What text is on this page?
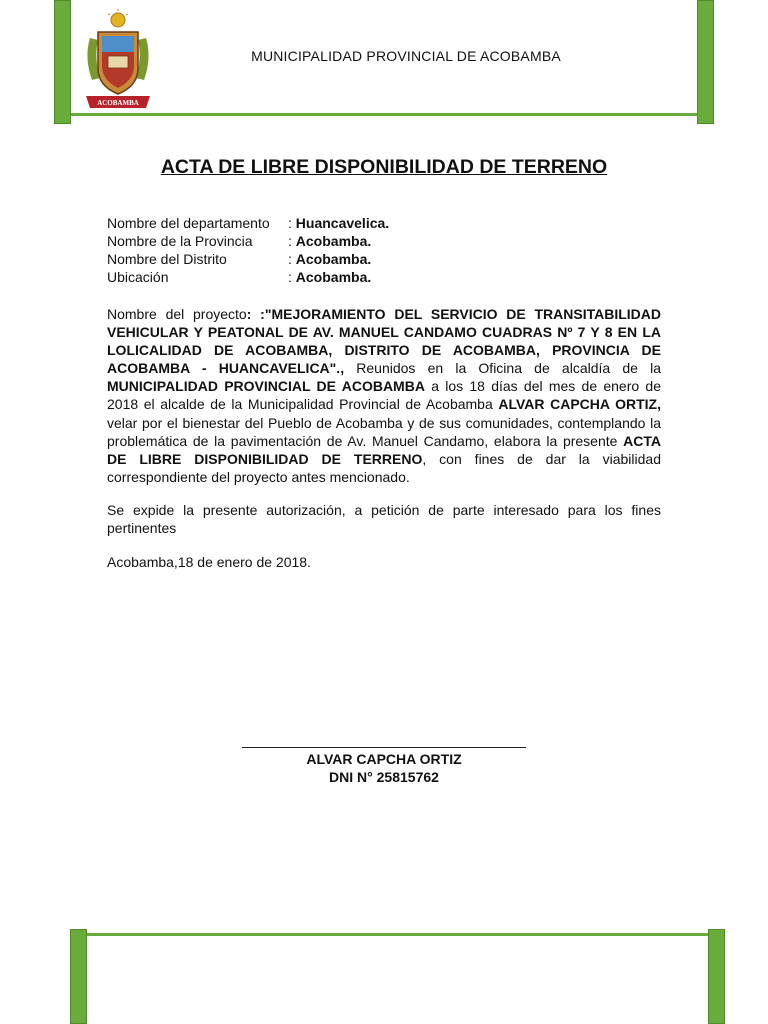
ACOBAMBA
MUNICIPALIDAD PROVINCIAL DE ACOBAMBA
ACTA DE LIBRE DISPONIBILIDAD DE TERRENO
Nombre del departamento : Huancavelica.
Nombre de la Provincia	: Acobamba.
Nombre del Distrito	: Acobamba.
Ubicación	: Acobamba.
Nombre del proyecto: :"MEJORAMIENTO DEL SERVICIO DE TRANSITABILIDAD VEHICULAR Y PEATONAL DE AV. MANUEL CANDAMO CUADRAS Nº 7 Y 8 EN LA LOLICALIDAD DE ACOBAMBA, DISTRITO DE ACOBAMBA, PROVINCIA DE ACOBAMBA - HUANCAVELICA"., Reunidos en la Oficina de alcaldía de la MUNICIPALIDAD PROVINCIAL DE ACOBAMBA a los 18 días del mes de enero de 2018 el alcalde de la Municipalidad Provincial de Acobamba ALVAR CAPCHA ORTIZ, velar por el bienestar del Pueblo de Acobamba y de sus comunidades, contemplando la problemática de la pavimentación de Av. Manuel Candamo, elabora la presente ACTA DE LIBRE DISPONIBILIDAD DE TERRENO, con fines de dar la viabilidad correspondiente del proyecto antes mencionado.
Se expide la presente autorización, a petición de parte interesado para los fines pertinentes
Acobamba,18 de enero de 2018.
ALVAR CAPCHA ORTIZ
DNI N° 25815762
